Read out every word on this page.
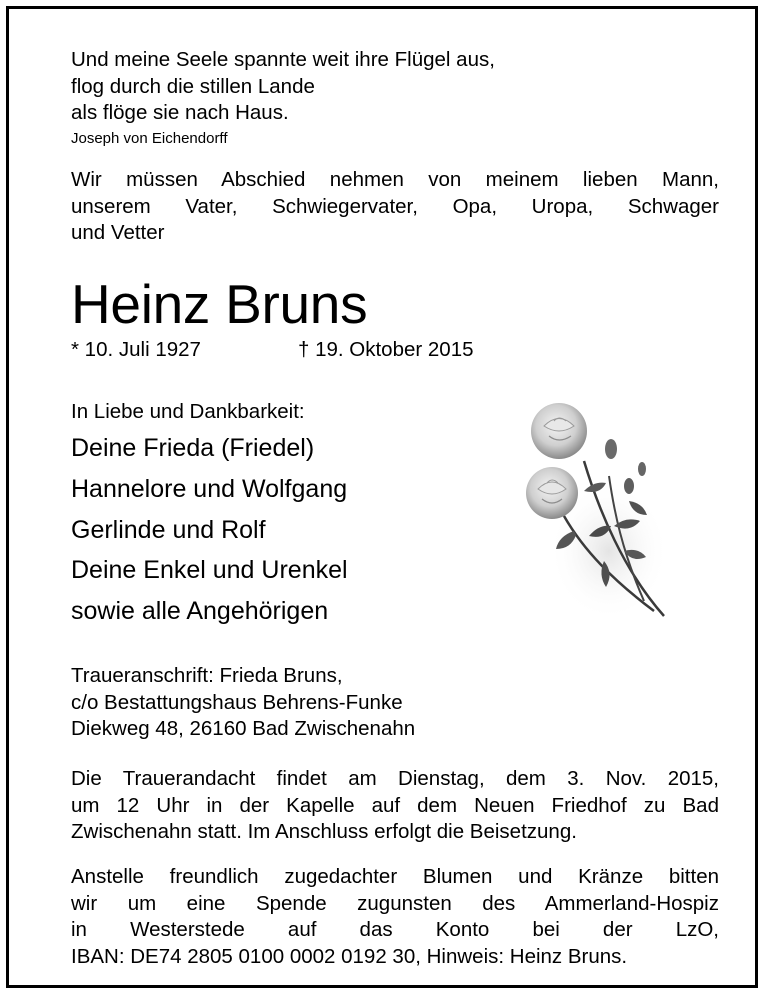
Und meine Seele spannte weit ihre Flügel aus,
flog durch die stillen Lande
als flöge sie nach Haus.
Joseph von Eichendorff
Wir müssen Abschied nehmen von meinem lieben Mann,
unserem Vater, Schwiegervater, Opa, Uropa, Schwager
und Vetter
Heinz Bruns
* 10. Juli 1927	† 19. Oktober 2015
In Liebe und Dankbarkeit:
Deine Frieda (Friedel)
Hannelore und Wolfgang
Gerlinde und Rolf
Deine Enkel und Urenkel
sowie alle Angehörigen
Traueranschrift: Frieda Bruns,
c/o Bestattungshaus Behrens-Funke
Diekweg 48, 26160 Bad Zwischenahn
Die Trauerandacht findet am Dienstag, dem 3. Nov. 2015,
um 12 Uhr in der Kapelle auf dem Neuen Friedhof zu Bad
Zwischenahn statt. Im Anschluss erfolgt die Beisetzung.
Anstelle freundlich zugedachter Blumen und Kränze bitten
wir um eine Spende zugunsten des Ammerland-Hospiz
in Westerstede auf das Konto bei der LzO,
IBAN: DE74 2805 0100 0002 0192 30, Hinweis: Heinz Bruns.
